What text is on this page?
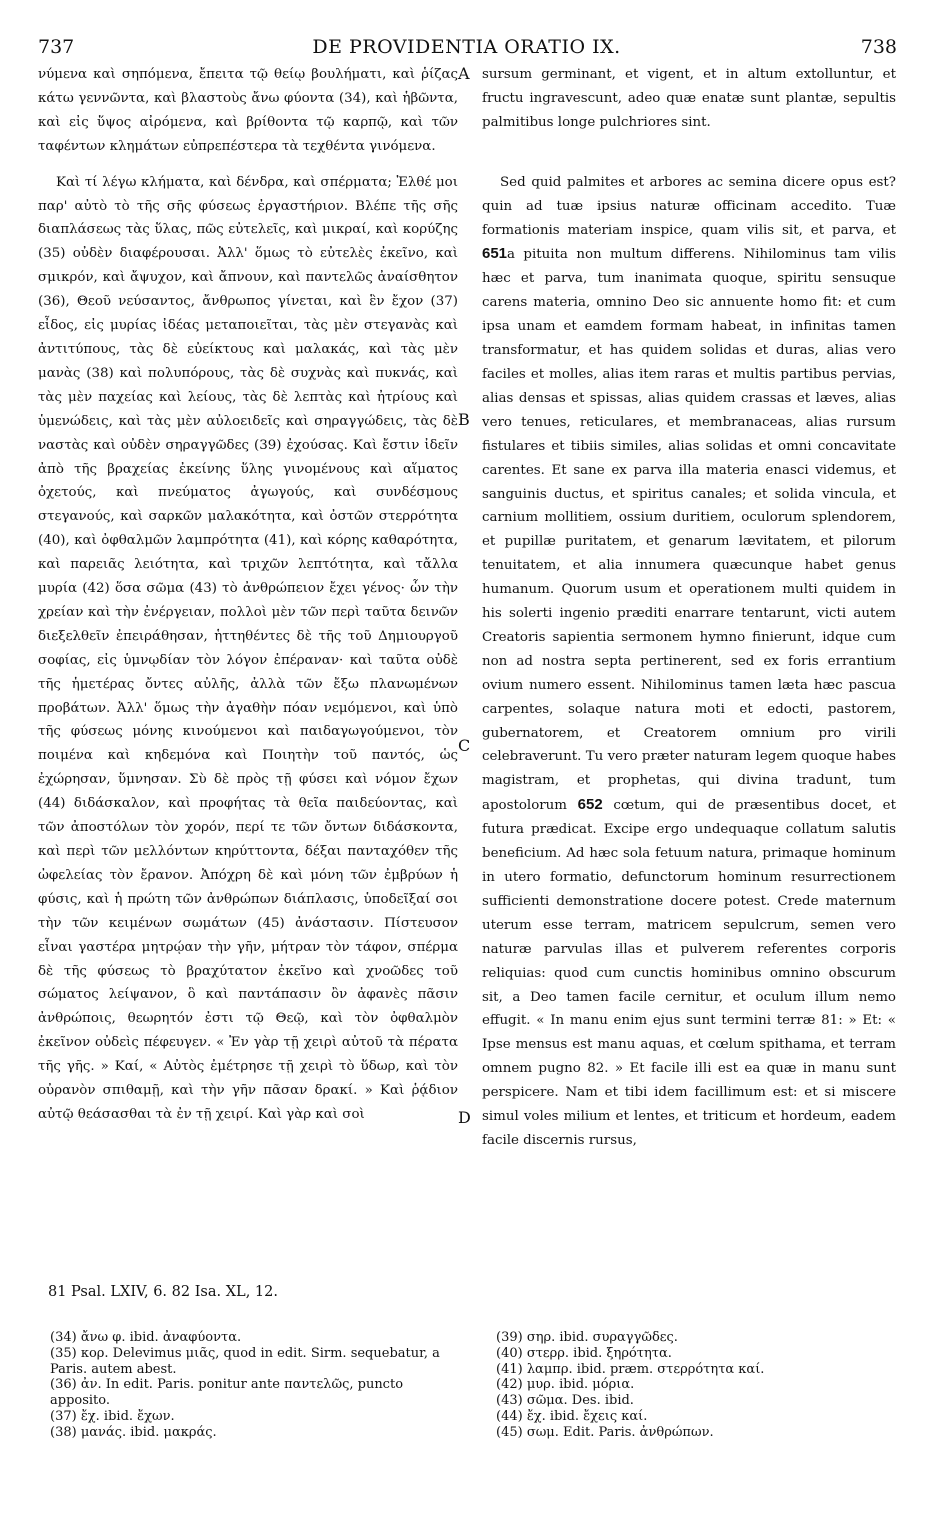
737	DE PROVIDENTIA ORATIO IX.	738

νύμενα καὶ σηπόμενα, ἔπειτα τῷ θείῳ βουλήματι, καὶ ῥίζας κάτω γεννῶντα, καὶ βλαστοὺς ἄνω φύοντα (34), καὶ ἡβῶντα, καὶ εἰς ὕψος αἰρόμενα, καὶ βρίθοντα τῷ καρπῷ, καὶ τῶν ταφέντων κλημάτων εὐπρεπέστερα τὰ τεχθέντα γινόμενα.

Καὶ τί λέγω κλήματα, καὶ δένδρα, καὶ σπέρματα; Ἐλθέ μοι παρ' αὐτὸ τὸ τῆς σῆς φύσεως ἐργαστήριον. Βλέπε τῆς σῆς διαπλάσεως τὰς ὕλας, πῶς εὐτελεῖς, καὶ μικραί, καὶ κορύζης (35) οὐδὲν διαφέρουσαι. Ἀλλ' ὅμως τὸ εὐτελὲς ἐκεῖνο, καὶ σμικρόν, καὶ ἄψυχον, καὶ ἄπνουν, καὶ παντελῶς ἀναίσθητον (36), Θεοῦ νεύσαντος, ἄνθρωπος γίνεται, καὶ ἓν ἔχον (37) εἶδος, εἰς μυρίας ἰδέας μεταποιεῖται, τὰς μὲν στεγανὰς καὶ ἀντιτύπους, τὰς δὲ εὐείκτους καὶ μαλακάς, καὶ τὰς μὲν μανὰς (38) καὶ πολυπόρους, τὰς δὲ συχνὰς καὶ πυκνάς, καὶ τὰς μὲν παχείας καὶ λείους, τὰς δὲ λεπτὰς καὶ ἠτρίους καὶ ὑμενώδεις, καὶ τὰς μὲν αὐλοειδεῖς καὶ σηραγγώδεις, τὰς δὲ ναστὰς καὶ οὐδὲν σηραγγῶδες (39) ἐχούσας. Καὶ ἔστιν ἰδεῖν ἀπὸ τῆς βραχείας ἐκείνης ὕλης γινομένους καὶ αἵματος ὀχετούς, καὶ πνεύματος ἀγωγούς, καὶ συνδέσμους στεγανούς, καὶ σαρκῶν μαλακότητα, καὶ ὀστῶν στερρότητα (40), καὶ ὀφθαλμῶν λαμπρότητα (41), καὶ κόρης καθαρότητα, καὶ παρειᾶς λειότητα, καὶ τριχῶν λεπτότητα, καὶ τἄλλα μυρία (42) ὅσα σῶμα (43) τὸ ἀνθρώπειον ἔχει γένος· ὧν τὴν χρείαν καὶ τὴν ἐνέργειαν, πολλοὶ μὲν τῶν περὶ ταῦτα δεινῶν διεξελθεῖν ἐπειράθησαν, ἡττηθέντες δὲ τῆς τοῦ Δημιουργοῦ σοφίας, εἰς ὑμνῳδίαν τὸν λόγον ἐπέραναν· καὶ ταῦτα οὐδὲ τῆς ἡμετέρας ὄντες αὐλῆς, ἀλλὰ τῶν ἔξω πλανωμένων προβάτων. Ἀλλ' ὅμως τὴν ἀγαθὴν πόαν νεμόμενοι, καὶ ὑπὸ τῆς φύσεως μόνης κινούμενοι καὶ παιδαγωγούμενοι, τὸν ποιμένα καὶ κηδεμόνα καὶ Ποιητὴν τοῦ παντός, ὡς ἐχώρησαν, ὕμνησαν. Σὺ δὲ πρὸς τῇ φύσει καὶ νόμον ἔχων (44) διδάσκαλον, καὶ προφήτας τὰ θεῖα παιδεύοντας, καὶ τῶν ἀποστόλων τὸν χορόν, περί τε τῶν ὄντων διδάσκοντα, καὶ περὶ τῶν μελλόντων κηρύττοντα, δέξαι πανταχόθεν τῆς ὠφελείας τὸν ἔρανον. Ἀπόχρη δὲ καὶ μόνη τῶν ἐμβρύων ἡ φύσις, καὶ ἡ πρώτη τῶν ἀνθρώπων διάπλασις, ὑποδεῖξαί σοι τὴν τῶν κειμένων σωμάτων (45) ἀνάστασιν. Πίστευσον εἶναι γαστέρα μητρῴαν τὴν γῆν, μήτραν τὸν τάφον, σπέρμα δὲ τῆς φύσεως τὸ βραχύτατον ἐκεῖνο καὶ χνοῶδες τοῦ σώματος λείψανον, ὃ καὶ παντάπασιν ὂν ἀφανὲς πᾶσιν ἀνθρώποις, θεωρητόν ἐστι τῷ Θεῷ, καὶ τὸν ὀφθαλμὸν ἐκεῖνον οὐδεὶς πέφευγεν. « Ἐν γὰρ τῇ χειρὶ αὐτοῦ τὰ πέρατα τῆς γῆς. » Καί, « Αὐτὸς ἐμέτρησε τῇ χειρὶ τὸ ὕδωρ, καὶ τὸν οὐρανὸν σπιθαμῇ, καὶ τὴν γῆν πᾶσαν δρακί. » Καὶ ῥᾴδιον αὐτῷ θεάσασθαι τὰ ἐν τῇ χειρί. Καὶ γὰρ καὶ σοὶ

A
B
C
D

sursum germinant, et vigent, et in altum extolluntur, et fructu ingravescunt, adeo quæ enatæ sunt plantæ, sepultis palmitibus longe pulchriores sint.

Sed quid palmites et arbores ac semina dicere opus est? quin ad tuæ ipsius naturæ officinam accedito. Tuæ formationis materiam inspice, quam vilis sit, et parva, et 651a pituita non multum differens. Nihilominus tam vilis hæc et parva, tum inanimata quoque, spiritu sensuque carens materia, omnino Deo sic annuente homo fit: et cum ipsa unam et eamdem formam habeat, in infinitas tamen transformatur, et has quidem solidas et duras, alias vero faciles et molles, alias item raras et multis partibus pervias, alias densas et spissas, alias quidem crassas et læves, alias vero tenues, reticulares, et membranaceas, alias rursum fistulares et tibiis similes, alias solidas et omni concavitate carentes. Et sane ex parva illa materia enasci videmus, et sanguinis ductus, et spiritus canales; et solida vincula, et carnium mollitiem, ossium duritiem, oculorum splendorem, et pupillæ puritatem, et genarum lævitatem, et pilorum tenuitatem, et alia innumera quæcunque habet genus humanum. Quorum usum et operationem multi quidem in his solerti ingenio præditi enarrare tentarunt, victi autem Creatoris sapientia sermonem hymno finierunt, idque cum non ad nostra septa pertinerent, sed ex foris errantium ovium numero essent. Nihilominus tamen læta hæc pascua carpentes, solaque natura moti et edocti, pastorem, gubernatorem, et Creatorem omnium pro virili celebraverunt. Tu vero præter naturam legem quoque habes magistram, et prophetas, qui divina tradunt, tum apostolorum 652 cœtum, qui de præsentibus docet, et futura prædicat. Excipe ergo undequaque collatum salutis beneficium. Ad hæc sola fetuum natura, primaque hominum in utero formatio, defunctorum hominum resurrectionem sufficienti demonstratione docere potest. Crede maternum uterum esse terram, matricem sepulcrum, semen vero naturæ parvulas illas et pulverem referentes corporis reliquias: quod cum cunctis hominibus omnino obscurum sit, a Deo tamen facile cernitur, et oculum illum nemo effugit. « In manu enim ejus sunt termini terræ 81: » Et: « Ipse mensus est manu aquas, et cœlum spithama, et terram omnem pugno 82. » Et facile illi est ea quæ in manu sunt perspicere. Nam et tibi idem facillimum est: et si miscere simul voles milium et lentes, et triticum et hordeum, eadem facile discernis rursus,

81 Psal. LXIV, 6. 82 Isa. XL, 12.
(34) ἄνω φ. ibid. ἀναφύοντα.
(35) κορ. Delevimus μιᾶς, quod in edit. Sirm. sequebatur, a Paris. autem abest.
(36) ἀν. In edit. Paris. ponitur ante παντελῶς, puncto apposito.
(37) ἔχ. ibid. ἔχων.
(38) μανάς. ibid. μακράς.
(39) σηρ. ibid. συραγγῶδες.
(40) στερρ. ibid. ξηρότητα.
(41) λαμπρ. ibid. præm. στερρότητα καί.
(42) μυρ. ibid. μόρια.
(43) σῶμα. Des. ibid.
(44) ἔχ. ibid. ἔχεις καί.
(45) σωμ. Edit. Paris. ἀνθρώπων.
